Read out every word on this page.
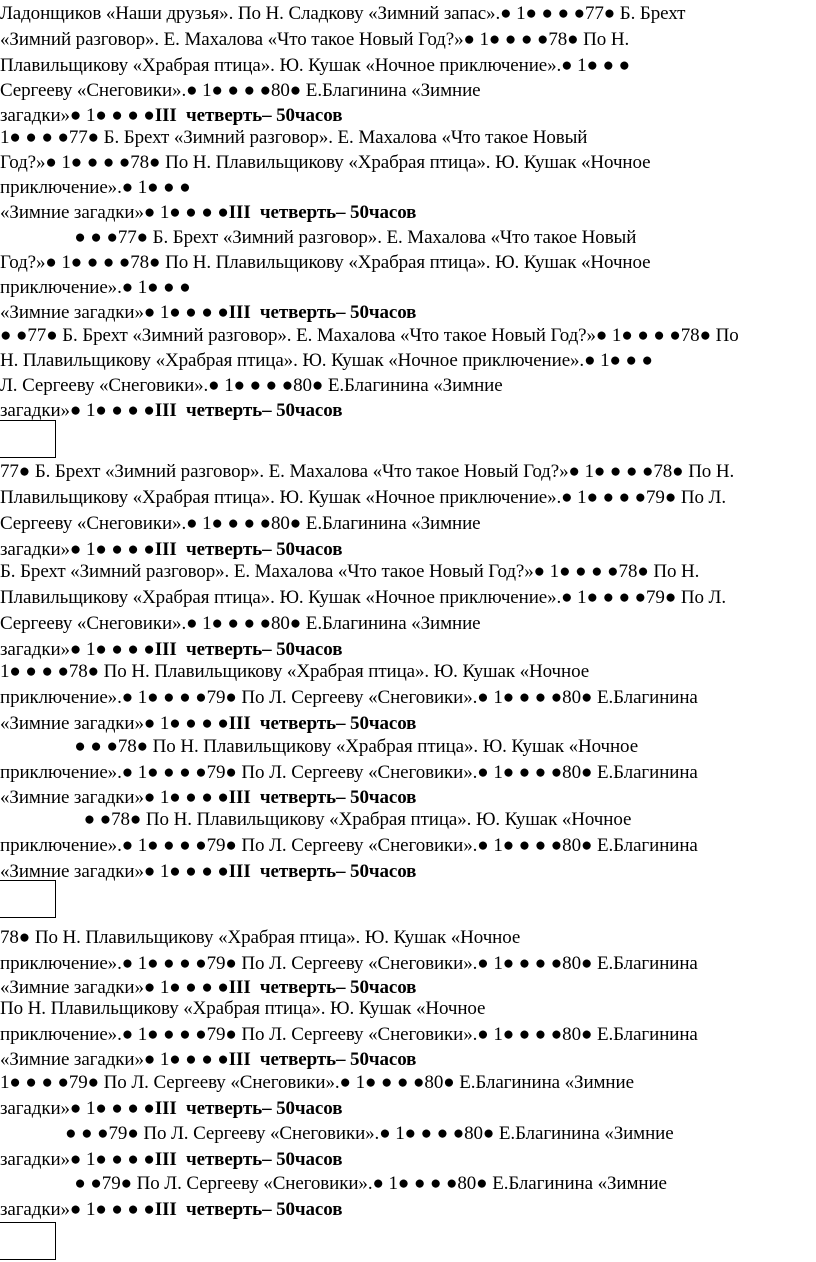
Ладонщиков «Наши друзья». По Н. Сладкову «Зимний запас».● 1● ● ● ●77● Б. Брехт
«Зимний разговор». Е. Махалова «Что такое Новый Год?»● 1● ● ● ●78● По Н.
Плавильщикову «Храбрая птица». Ю. Кушак «Ночное приключение».● 1● ● ●
Сергееву «Снеговики».● 1● ● ● ●80● Е.Благинина «Зимние
загадки»● 1● ● ● ●III  четверть– 50часов
1● ● ● ●77● Б. Брехт «Зимний разговор». Е. Махалова «Что такое Новый
Год?»● 1● ● ● ●78● По Н. Плавильщикову «Храбрая птица». Ю. Кушак «Ночное
приключение».● 1● ● ●
«Зимние загадки»● 1● ● ● ●III  четверть– 50часов
● ● ●77● Б. Брехт «Зимний разговор». Е. Махалова «Что такое Новый
Год?»● 1● ● ● ●78● По Н. Плавильщикову «Храбрая птица». Ю. Кушак «Ночное
приключение».● 1● ● ●
«Зимние загадки»● 1● ● ● ●III  четверть– 50часов
● ●77● Б. Брехт «Зимний разговор». Е. Махалова «Что такое Новый Год?»● 1● ● ● ●78● По
Н. Плавильщикову «Храбрая птица». Ю. Кушак «Ночное приключение».● 1● ● ●
Л. Сергееву «Снеговики».● 1● ● ● ●80● Е.Благинина «Зимние
загадки»● 1● ● ● ●III  четверть– 50часов
77● Б. Брехт «Зимний разговор». Е. Махалова «Что такое Новый Год?»● 1● ● ● ●78● По Н.
Плавильщикову «Храбрая птица». Ю. Кушак «Ночное приключение».● 1● ● ● ●79● По Л.
Сергееву «Снеговики».● 1● ● ● ●80● Е.Благинина «Зимние
загадки»● 1● ● ● ●III  четверть– 50часов
Б. Брехт «Зимний разговор». Е. Махалова «Что такое Новый Год?»● 1● ● ● ●78● По Н.
Плавильщикову «Храбрая птица». Ю. Кушак «Ночное приключение».● 1● ● ● ●79● По Л.
Сергееву «Снеговики».● 1● ● ● ●80● Е.Благинина «Зимние
загадки»● 1● ● ● ●III  четверть– 50часов
1● ● ● ●78● По Н. Плавильщикову «Храбрая птица». Ю. Кушак «Ночное
приключение».● 1● ● ● ●79● По Л. Сергееву «Снеговики».● 1● ● ● ●80● Е.Благинина
«Зимние загадки»● 1● ● ● ●III  четверть– 50часов
● ● ●78● По Н. Плавильщикову «Храбрая птица». Ю. Кушак «Ночное
приключение».● 1● ● ● ●79● По Л. Сергееву «Снеговики».● 1● ● ● ●80● Е.Благинина
«Зимние загадки»● 1● ● ● ●III  четверть– 50часов
● ●78● По Н. Плавильщикову «Храбрая птица». Ю. Кушак «Ночное
приключение».● 1● ● ● ●79● По Л. Сергееву «Снеговики».● 1● ● ● ●80● Е.Благинина
«Зимние загадки»● 1● ● ● ●III  четверть– 50часов
78● По Н. Плавильщикову «Храбрая птица». Ю. Кушак «Ночное
приключение».● 1● ● ● ●79● По Л. Сергееву «Снеговики».● 1● ● ● ●80● Е.Благинина
«Зимние загадки»● 1● ● ● ●III  четверть– 50часов
По Н. Плавильщикову «Храбрая птица». Ю. Кушак «Ночное
приключение».● 1● ● ● ●79● По Л. Сергееву «Снеговики».● 1● ● ● ●80● Е.Благинина
«Зимние загадки»● 1● ● ● ●III  четверть– 50часов
1● ● ● ●79● По Л. Сергееву «Снеговики».● 1● ● ● ●80● Е.Благинина «Зимние
загадки»● 1● ● ● ●III  четверть– 50часов
● ● ●79● По Л. Сергееву «Снеговики».● 1● ● ● ●80● Е.Благинина «Зимние
загадки»● 1● ● ● ●III  четверть– 50часов
● ●79● По Л. Сергееву «Снеговики».● 1● ● ● ●80● Е.Благинина «Зимние
загадки»● 1● ● ● ●III  четверть– 50часов
